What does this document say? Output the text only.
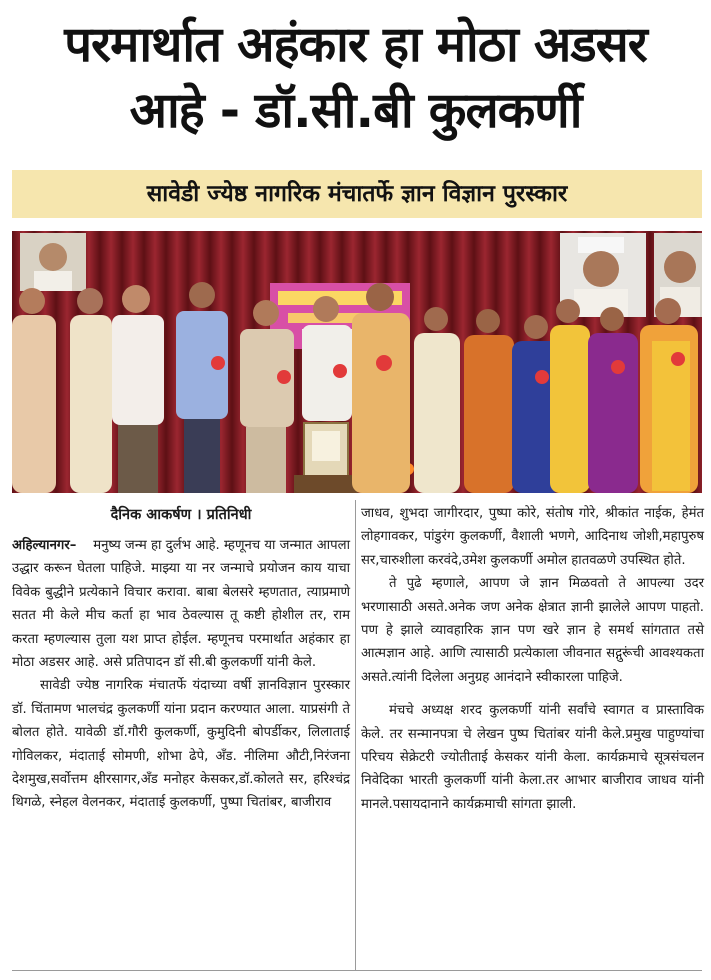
परमार्थात अहंकार हा मोठा अडसर
आहे - डॉ.सी.बी कुलकर्णी
सावेडी ज्येष्ठ नागरिक मंचातर्फे ज्ञान विज्ञान पुरस्कार
दैनिक आकर्षण । प्रतिनिधी

अहिल्यानगर– मनुष्य जन्म हा दुर्लभ आहे. म्हणूनच या जन्मात आपला उद्धार करून घेतला पाहिजे. माझ्या या नर जन्माचे प्रयोजन काय याचा विवेक बुद्धीने प्रत्येकाने विचार करावा. बाबा बेलसरे म्हणतात, त्याप्रमाणे सतत मी केले मीच कर्ता हा भाव ठेवल्यास तू कष्टी होशील तर, राम करता म्हणल्यास तुला यश प्राप्त होईल. म्हणूनच परमार्थात अहंकार हा मोठा अडसर आहे. असे प्रतिपादन डॉ सी.बी कुलकर्णी यांनी केले.

सावेडी ज्येष्ठ नागरिक मंचातर्फे यंदाच्या वर्षी ज्ञानविज्ञान पुरस्कार डॉ. चिंतामण भालचंद्र कुलकर्णी यांना प्रदान करण्यात आला. याप्रसंगी ते बोलत होते. यावेळी डॉ.गौरी कुलकर्णी, कुमुदिनी बोपर्डीकर, लिलाताई गोविलकर, मंदाताई सोमणी, शोभा ढेपे, अँड. नीलिमा औटी,निरंजना देशमुख,सर्वोत्तम क्षीरसागर,अँड मनोहर केसकर,डॉ.कोलते सर, हरिश्चंद्र थिगळे, स्नेहल वेलनकर, मंदाताई कुलकर्णी, पुष्पा चितांबर, बाजीराव

जाधव, शुभदा जागीरदार, पुष्पा कोरे, संतोष गोरे, श्रीकांत नाईक, हेमंत लोहगावकर, पांडुरंग कुलकर्णी, वैशाली भणगे, आदिनाथ जोशी,महापुरुष सर,चारुशीला करवंदे,उमेश कुलकर्णी अमोल हातवळणे उपस्थित होते.

ते पुढे म्हणाले, आपण जे ज्ञान मिळवतो ते आपल्या उदर भरणासाठी असते.अनेक जण अनेक क्षेत्रात ज्ञानी झालेले आपण पाहतो. पण हे झाले व्यावहारिक ज्ञान पण खरे ज्ञान हे समर्थ सांगतात तसे आत्मज्ञान आहे. आणि त्यासाठी प्रत्येकाला जीवनात सद्गुरूंची आवश्यकता असते.त्यांनी दिलेला अनुग्रह आनंदाने स्वीकारला पाहिजे.

मंचचे अध्यक्ष शरद कुलकर्णी यांनी सर्वांचे स्वागत व प्रास्ताविक केले. तर सन्मानपत्रा चे लेखन पुष्प चितांबर यांनी केले.प्रमुख पाहुण्यांचा परिचय सेक्रेटरी ज्योतीताई केसकर यांनी केला. कार्यक्रमाचे सूत्रसंचलन निवेदिका भारती कुलकर्णी यांनी केला.तर आभार बाजीराव जाधव यांनी मानले.पसायदानाने कार्यक्रमाची सांगता झाली.
